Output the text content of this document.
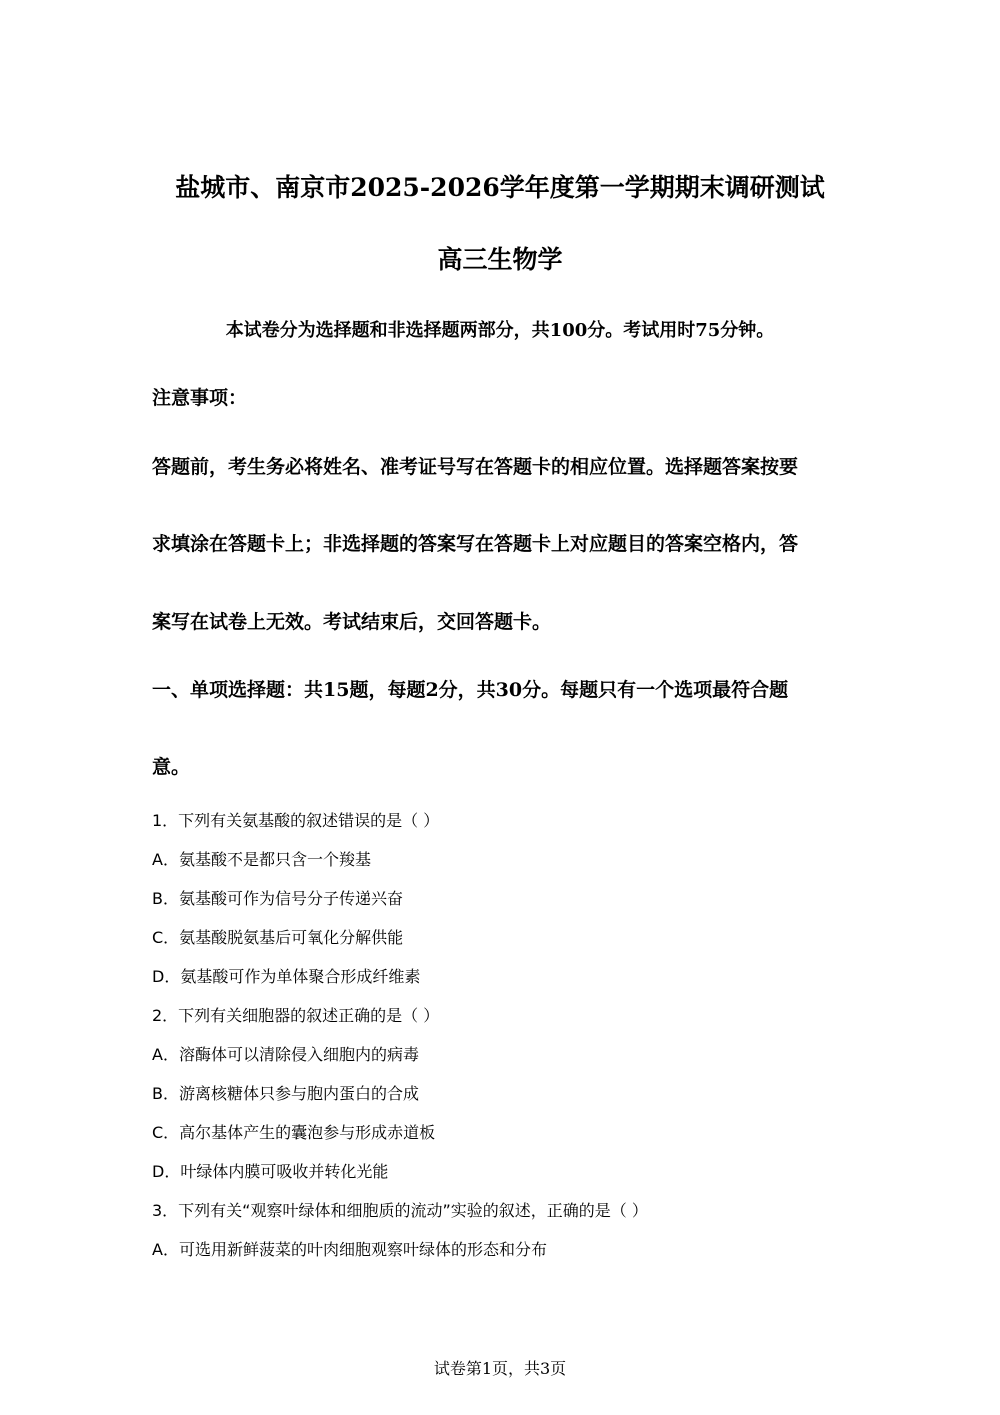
盐城市、南京市2025-2026学年度第一学期期末调研测试
高三生物学
本试卷分为选择题和非选择题两部分，共100分。考试用时75分钟。
注意事项：
答题前，考生务必将姓名、准考证号写在答题卡的相应位置。选择题答案按要
求填涂在答题卡上；非选择题的答案写在答题卡上对应题目的答案空格内，答
案写在试卷上无效。考试结束后，交回答题卡。
一、单项选择题：共15题，每题2分，共30分。每题只有一个选项最符合题
意。
1．下列有关氨基酸的叙述错误的是（ ）
A．氨基酸不是都只含一个羧基
B．氨基酸可作为信号分子传递兴奋
C．氨基酸脱氨基后可氧化分解供能
D．氨基酸可作为单体聚合形成纤维素
2．下列有关细胞器的叙述正确的是（ ）
A．溶酶体可以清除侵入细胞内的病毒
B．游离核糖体只参与胞内蛋白的合成
C．高尔基体产生的囊泡参与形成赤道板
D．叶绿体内膜可吸收并转化光能
3．下列有关“观察叶绿体和细胞质的流动”实验的叙述，正确的是（ ）
A．可选用新鲜菠菜的叶肉细胞观察叶绿体的形态和分布
试卷第1页，共3页
